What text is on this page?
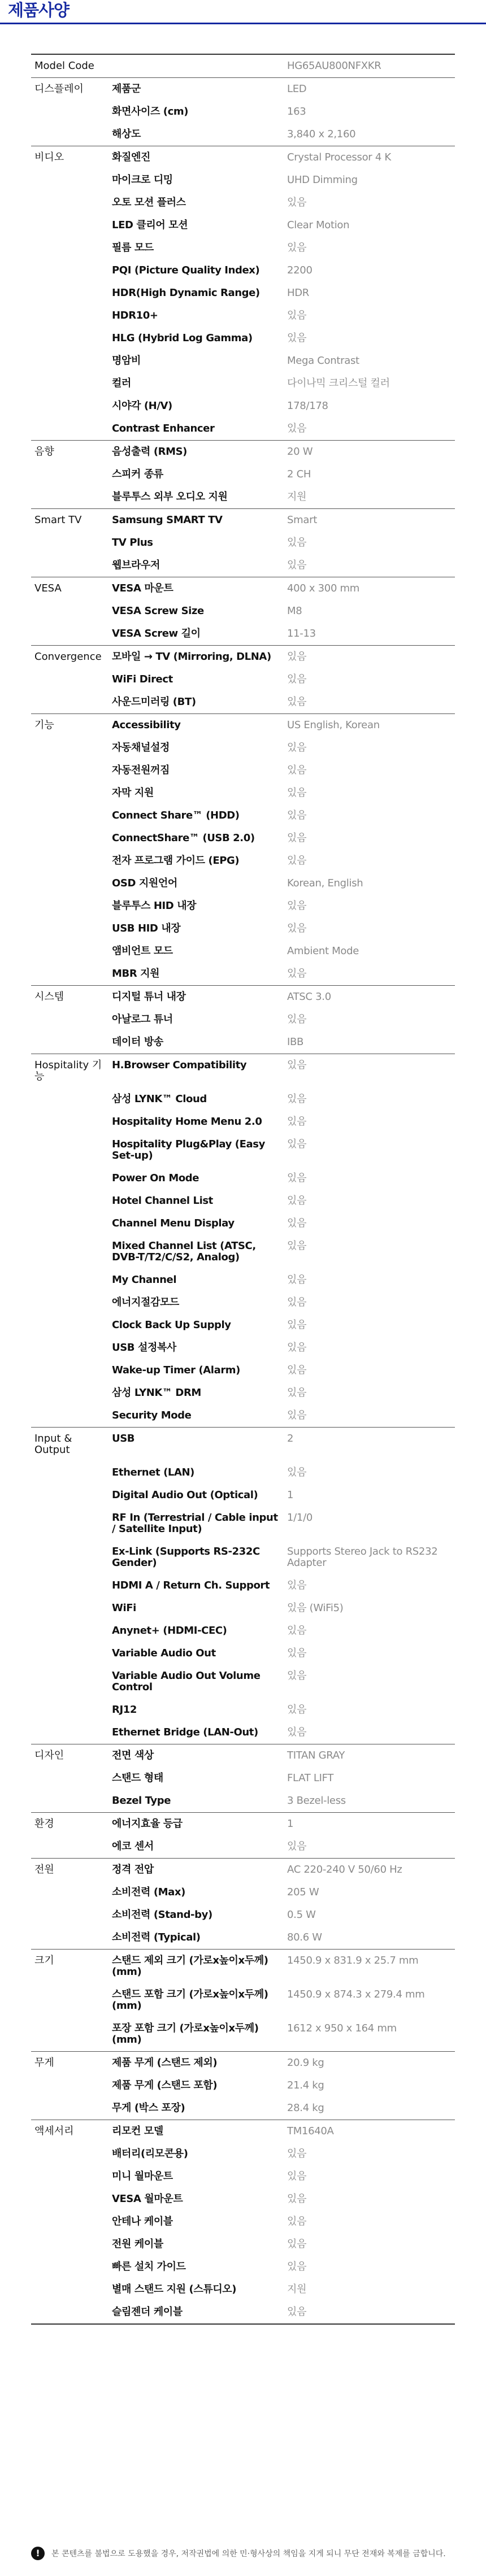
제품사양
Model Code		HG65AU800NFXKR
디스플레이	제품군	LED
	화면사이즈 (cm)	163
	해상도	3,840 x 2,160
비디오	화질엔진	Crystal Processor 4 K
	마이크로 디밍	UHD Dimming
	오토 모션 플러스	있음
	LED 클리어 모션	Clear Motion
	필름 모드	있음
	PQI (Picture Quality Index)	2200
	HDR(High Dynamic Range)	HDR
	HDR10+	있음
	HLG (Hybrid Log Gamma)	있음
	명암비	Mega Contrast
	컬러	다이나믹 크리스털 컬러
	시야각 (H/V)	178/178
	Contrast Enhancer	있음
음향	음성출력 (RMS)	20 W
	스피커 종류	2 CH
	블루투스 외부 오디오 지원	지원
Smart TV	Samsung SMART TV	Smart
	TV Plus	있음
	웹브라우저	있음
VESA	VESA 마운트	400 x 300 mm
	VESA Screw Size	M8
	VESA Screw 길이	11-13
Convergence	모바일 → TV (Mirroring, DLNA)	있음
	WiFi Direct	있음
	사운드미러링 (BT)	있음
기능	Accessibility	US English, Korean
	자동채널설정	있음
	자동전원꺼짐	있음
	자막 지원	있음
	Connect Share™ (HDD)	있음
	ConnectShare™ (USB 2.0)	있음
	전자 프로그램 가이드 (EPG)	있음
	OSD 지원언어	Korean, English
	블루투스 HID 내장	있음
	USB HID 내장	있음
	앰비언트 모드	Ambient Mode
	MBR 지원	있음
시스템	디지털 튜너 내장	ATSC 3.0
	아날로그 튜너	있음
	데이터 방송	IBB
Hospitality 기능	H.Browser Compatibility	있음
	삼성 LYNK™ Cloud	있음
	Hospitality Home Menu 2.0	있음
	Hospitality Plug&Play (Easy Set-up)	있음
	Power On Mode	있음
	Hotel Channel List	있음
	Channel Menu Display	있음
	Mixed Channel List (ATSC, DVB-T/T2/C/S2, Analog)	있음
	My Channel	있음
	에너지절감모드	있음
	Clock Back Up Supply	있음
	USB 설정복사	있음
	Wake-up Timer (Alarm)	있음
	삼성 LYNK™ DRM	있음
	Security Mode	있음
Input & Output	USB	2
	Ethernet (LAN)	있음
	Digital Audio Out (Optical)	1
	RF In (Terrestrial / Cable input / Satellite Input)	1/1/0
	Ex-Link (Supports RS-232C Gender)	Supports Stereo Jack to RS232 Adapter
	HDMI A / Return Ch. Support	있음
	WiFi	있음 (WiFi5)
	Anynet+ (HDMI-CEC)	있음
	Variable Audio Out	있음
	Variable Audio Out Volume Control	있음
	RJ12	있음
	Ethernet Bridge (LAN-Out)	있음
디자인	전면 색상	TITAN GRAY
	스탠드 형태	FLAT LIFT
	Bezel Type	3 Bezel-less
환경	에너지효율 등급	1
	에코 센서	있음
전원	정격 전압	AC 220-240 V 50/60 Hz
	소비전력 (Max)	205 W
	소비전력 (Stand-by)	0.5 W
	소비전력 (Typical)	80.6 W
크기	스탠드 제외 크기 (가로x높이x두께) (mm)	1450.9 x 831.9 x 25.7 mm
	스탠드 포함 크기 (가로x높이x두께) (mm)	1450.9 x 874.3 x 279.4 mm
	포장 포함 크기 (가로x높이x두께) (mm)	1612 x 950 x 164 mm
무게	제품 무게 (스탠드 제외)	20.9 kg
	제품 무게 (스탠드 포함)	21.4 kg
	무게 (박스 포장)	28.4 kg
액세서리	리모컨 모델	TM1640A
	배터리(리모콘용)	있음
	미니 월마운트	있음
	VESA 월마운트	있음
	안테나 케이블	있음
	전원 케이블	있음
	빠른 설치 가이드	있음
	별매 스탠드 지원 (스튜디오)	지원
	슬림젠더 케이블	있음
!	본 콘텐츠를 불법으로 도용했을 경우, 저작권법에 의한 민·형사상의 책임을 지게 되니 무단 전재와 복제를 금합니다.
